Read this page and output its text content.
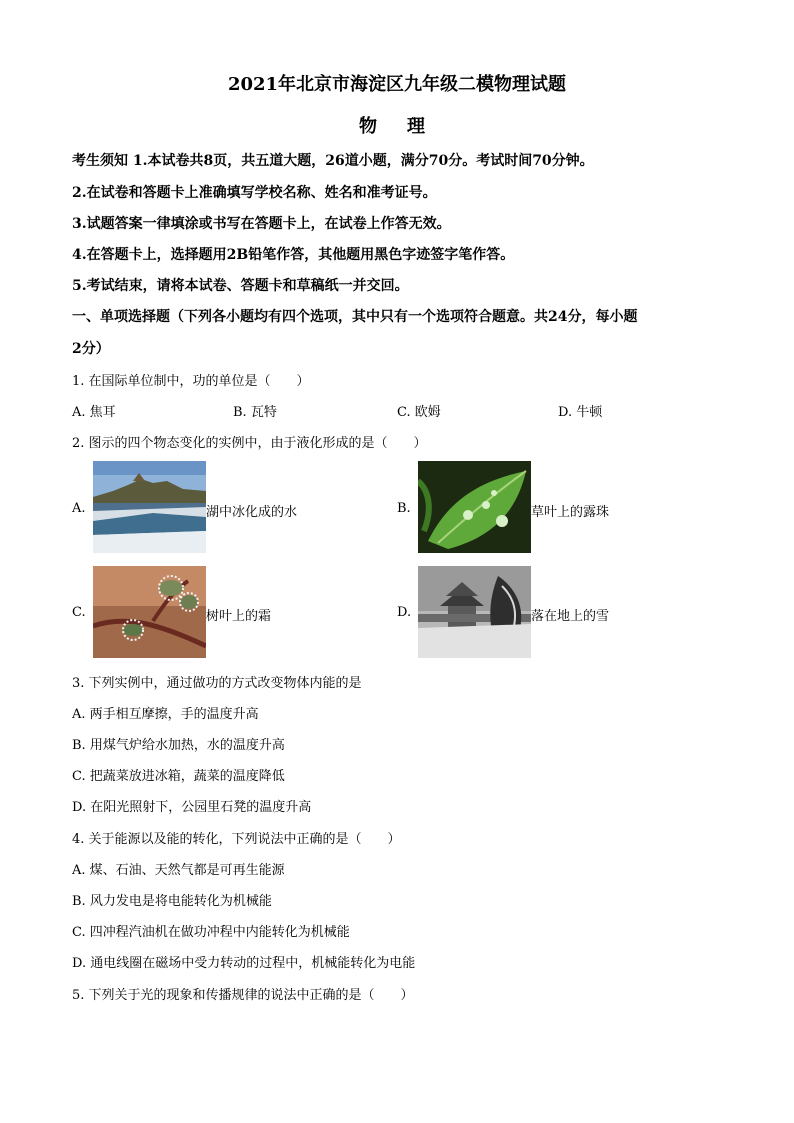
2021年北京市海淀区九年级二模物理试题
物理
考生须知 1.本试卷共8页，共五道大题，26道小题，满分70分。考试时间70分钟。
2.在试卷和答题卡上准确填写学校名称、姓名和准考证号。
3.试题答案一律填涂或书写在答题卡上，在试卷上作答无效。
4.在答题卡上，选择题用2B铅笔作答，其他题用黑色字迹签字笔作答。
5.考试结束，请将本试卷、答题卡和草稿纸一并交回。
一、单项选择题（下列各小题均有四个选项，其中只有一个选项符合题意。共24分，每小题
2分）
1. 在国际单位制中，功的单位是（　　）
A. 焦耳	B. 瓦特	C. 欧姆	D. 牛顿
2. 图示的四个物态变化的实例中，由于液化形成的是（　　）
A.	湖中冰化成的水	B.	草叶上的露珠
C.	树叶上的霜	D.	落在地上的雪
3. 下列实例中，通过做功的方式改变物体内能的是
A. 两手相互摩擦，手的温度升高
B. 用煤气炉给水加热，水的温度升高
C. 把蔬菜放进冰箱，蔬菜的温度降低
D. 在阳光照射下，公园里石凳的温度升高
4. 关于能源以及能的转化，下列说法中正确的是（　　）
A. 煤、石油、天然气都是可再生能源
B. 风力发电是将电能转化为机械能
C. 四冲程汽油机在做功冲程中内能转化为机械能
D. 通电线圈在磁场中受力转动的过程中，机械能转化为电能
5. 下列关于光的现象和传播规律的说法中正确的是（　　）
